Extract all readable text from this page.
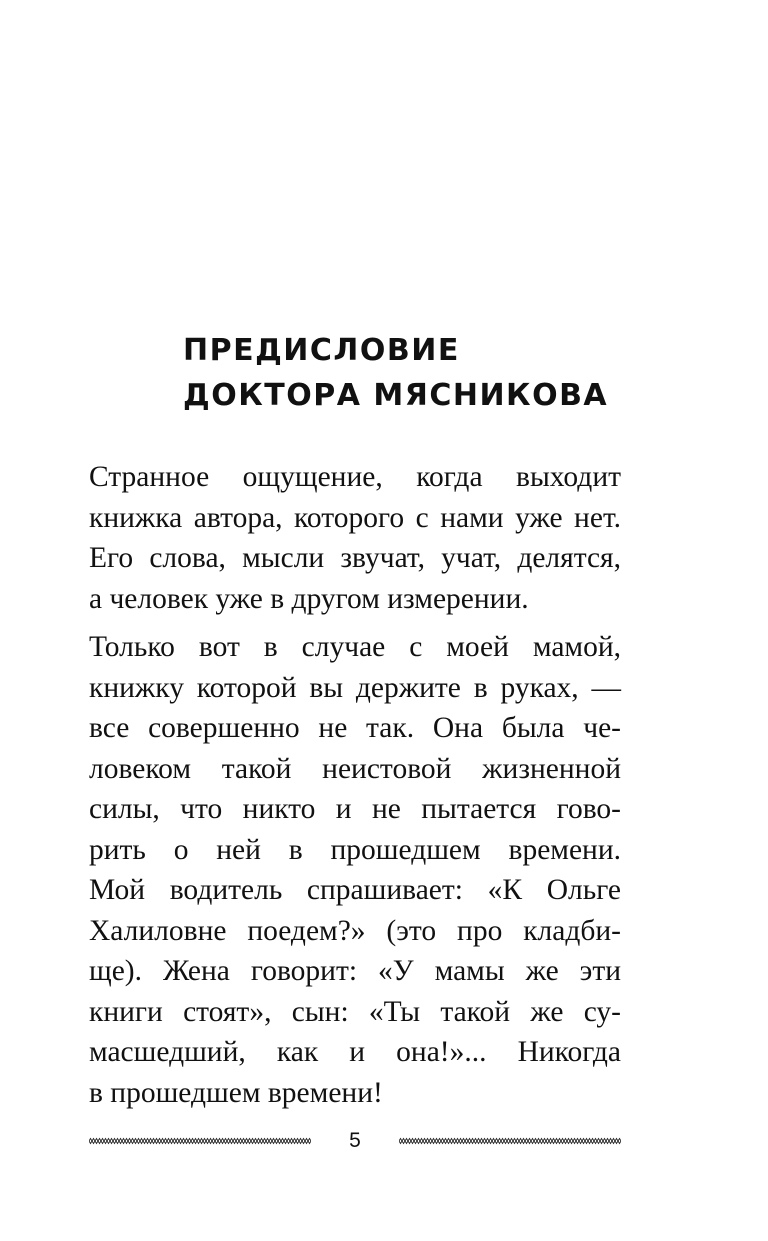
ПРЕДИСЛОВИЕ
ДОКТОРА МЯСНИКОВА

Странное ощущение, когда выходит
книжка автора, которого с нами уже нет.
Его слова, мысли звучат, учат, делятся,
а человек уже в другом измерении.

Только вот в случае с моей мамой,
книжку которой вы держите в руках, —
все совершенно не так. Она была че-
ловеком такой неистовой жизненной
силы, что никто и не пытается гово-
рить о ней в прошедшем времени.
Мой водитель спрашивает: «К Ольге
Халиловне поедем?» (это про кладби-
ще). Жена говорит: «У мамы же эти
книги стоят», сын: «Ты такой же су-
масшедший, как и она!»... Никогда
в прошедшем времени!

5
